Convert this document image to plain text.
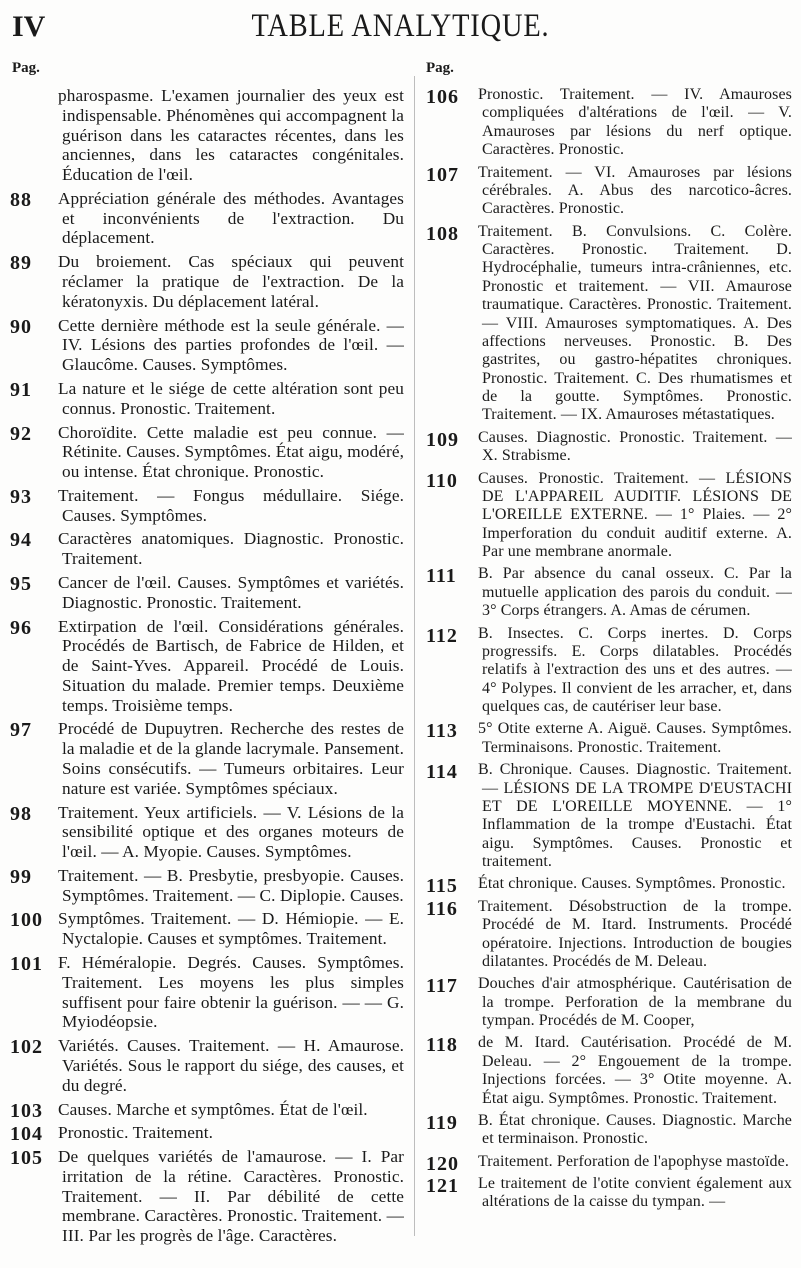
IV	TABLE ANALYTIQUE.
Pag.	Pag.
pharospasme. L'examen journalier des yeux est indispensable. Phénomènes qui accompagnent la guérison dans les cataractes récentes, dans les anciennes, dans les cataractes congénitales. Éducation de l'œil.
88 Appréciation générale des méthodes. Avantages et inconvénients de l'extraction. Du déplacement.
89 Du broiement. Cas spéciaux qui peuvent réclamer la pratique de l'extraction. De la kératonyxis. Du déplacement latéral.
90 Cette dernière méthode est la seule générale. — IV. Lésions des parties profondes de l'œil. — Glaucôme. Causes. Symptômes.
91 La nature et le siége de cette altération sont peu connus. Pronostic. Traitement.
92 Choroïdite. Cette maladie est peu connue. — Rétinite. Causes. Symptômes. État aigu, modéré, ou intense. État chronique. Pronostic.
93 Traitement. — Fongus médullaire. Siége. Causes. Symptômes.
94 Caractères anatomiques. Diagnostic. Pronostic. Traitement.
95 Cancer de l'œil. Causes. Symptômes et variétés. Diagnostic. Pronostic. Traitement.
96 Extirpation de l'œil. Considérations générales. Procédés de Bartisch, de Fabrice de Hilden, et de Saint-Yves. Appareil. Procédé de Louis. Situation du malade. Premier temps. Deuxième temps. Troisième temps.
97 Procédé de Dupuytren. Recherche des restes de la maladie et de la glande lacrymale. Pansement. Soins consécutifs. — Tumeurs orbitaires. Leur nature est variée. Symptômes spéciaux.
98 Traitement. Yeux artificiels. — V. Lésions de la sensibilité optique et des organes moteurs de l'œil. — A. Myopie. Causes. Symptômes.
99 Traitement. — B. Presbytie, presbyopie. Causes. Symptômes. Traitement. — C. Diplopie. Causes.
100 Symptômes. Traitement. — D. Hémiopie. — E. Nyctalopie. Causes et symptômes. Traitement.
101 F. Héméralopie. Degrés. Causes. Symptômes. Traitement. Les moyens les plus simples suffisent pour faire obtenir la guérison. — — G. Myiodéopsie.
102 Variétés. Causes. Traitement. — H. Amaurose. Variétés. Sous le rapport du siége, des causes, et du degré.
103 Causes. Marche et symptômes. État de l'œil.
104 Pronostic. Traitement.
105 De quelques variétés de l'amaurose. — I. Par irritation de la rétine. Caractères. Pronostic. Traitement. — II. Par débilité de cette membrane. Caractères. Pronostic. Traitement. — III. Par les progrès de l'âge. Caractères.
106 Pronostic. Traitement. — IV. Amauroses compliquées d'altérations de l'œil. — V. Amauroses par lésions du nerf optique. Caractères. Pronostic.
107 Traitement. — VI. Amauroses par lésions cérébrales. A. Abus des narcotico-âcres. Caractères. Pronostic.
108 Traitement. B. Convulsions. C. Colère. Caractères. Pronostic. Traitement. D. Hydrocéphalie, tumeurs intra-crâniennes, etc. Pronostic et traitement. — VII. Amaurose traumatique. Caractères. Pronostic. Traitement. — VIII. Amauroses symptomatiques. A. Des affections nerveuses. Pronostic. B. Des gastrites, ou gastro-hépatites chroniques. Pronostic. Traitement. C. Des rhumatismes et de la goutte. Symptômes. Pronostic. Traitement. — IX. Amauroses métastatiques.
109 Causes. Diagnostic. Pronostic. Traitement. — X. Strabisme.
110 Causes. Pronostic. Traitement. — LÉSIONS DE L'APPAREIL AUDITIF. LÉSIONS DE L'OREILLE EXTERNE. — 1° Plaies. — 2° Imperforation du conduit auditif externe. A. Par une membrane anormale.
111 B. Par absence du canal osseux. C. Par la mutuelle application des parois du conduit. — 3° Corps étrangers. A. Amas de cérumen.
112 B. Insectes. C. Corps inertes. D. Corps progressifs. E. Corps dilatables. Procédés relatifs à l'extraction des uns et des autres. — 4° Polypes. Il convient de les arracher, et, dans quelques cas, de cautériser leur base.
113 5° Otite externe A. Aiguë. Causes. Symptômes. Terminaisons. Pronostic. Traitement.
114 B. Chronique. Causes. Diagnostic. Traitement. — LÉSIONS DE LA TROMPE D'EUSTACHI ET DE L'OREILLE MOYENNE. — 1° Inflammation de la trompe d'Eustachi. État aigu. Symptômes. Causes. Pronostic et traitement.
115 État chronique. Causes. Symptômes. Pronostic.
116 Traitement. Désobstruction de la trompe. Procédé de M. Itard. Instruments. Procédé opératoire. Injections. Introduction de bougies dilatantes. Procédés de M. Deleau.
117 Douches d'air atmosphérique. Cautérisation de la trompe. Perforation de la membrane du tympan. Procédés de M. Cooper,
118 de M. Itard. Cautérisation. Procédé de M. Deleau. — 2° Engouement de la trompe. Injections forcées. — 3° Otite moyenne. A. État aigu. Symptômes. Pronostic. Traitement.
119 B. État chronique. Causes. Diagnostic. Marche et terminaison. Pronostic.
120 Traitement. Perforation de l'apophyse mastoïde.
121 Le traitement de l'otite convient également aux altérations de la caisse du tympan. —
